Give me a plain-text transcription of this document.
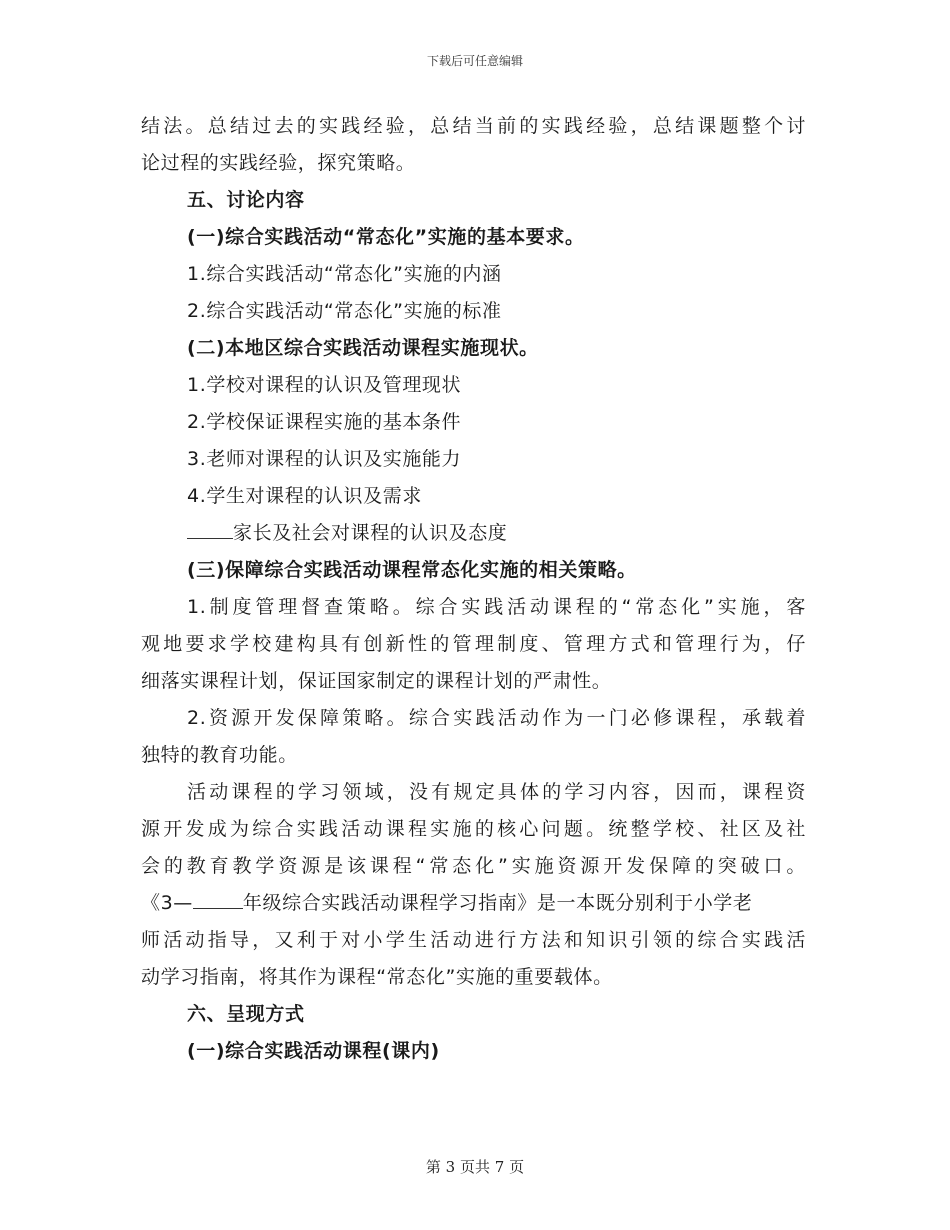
下载后可任意编辑
结法。总结过去的实践经验，总结当前的实践经验，总结课题整个讨
论过程的实践经验，探究策略。
五、讨论内容
(一)综合实践活动“常态化”实施的基本要求。
1.综合实践活动“常态化”实施的内涵
2.综合实践活动“常态化”实施的标准
(二)本地区综合实践活动课程实施现状。
1.学校对课程的认识及管理现状
2.学校保证课程实施的基本条件
3.老师对课程的认识及实施能力
4.学生对课程的认识及需求
家长及社会对课程的认识及态度
(三)保障综合实践活动课程常态化实施的相关策略。
1.制度管理督查策略。综合实践活动课程的“常态化”实施，客
观地要求学校建构具有创新性的管理制度、管理方式和管理行为，仔
细落实课程计划，保证国家制定的课程计划的严肃性。
2.资源开发保障策略。综合实践活动作为一门必修课程，承载着
独特的教育功能。
活动课程的学习领域，没有规定具体的学习内容，因而，课程资
源开发成为综合实践活动课程实施的核心问题。统整学校、社区及社
会的教育教学资源是该课程“常态化”实施资源开发保障的突破口。
《3—	年级综合实践活动课程学习指南》是一本既分别利于小学老
师活动指导，又利于对小学生活动进行方法和知识引领的综合实践活
动学习指南，将其作为课程“常态化”实施的重要载体。
六、呈现方式
(一)综合实践活动课程(课内)
第 3 页共 7 页
